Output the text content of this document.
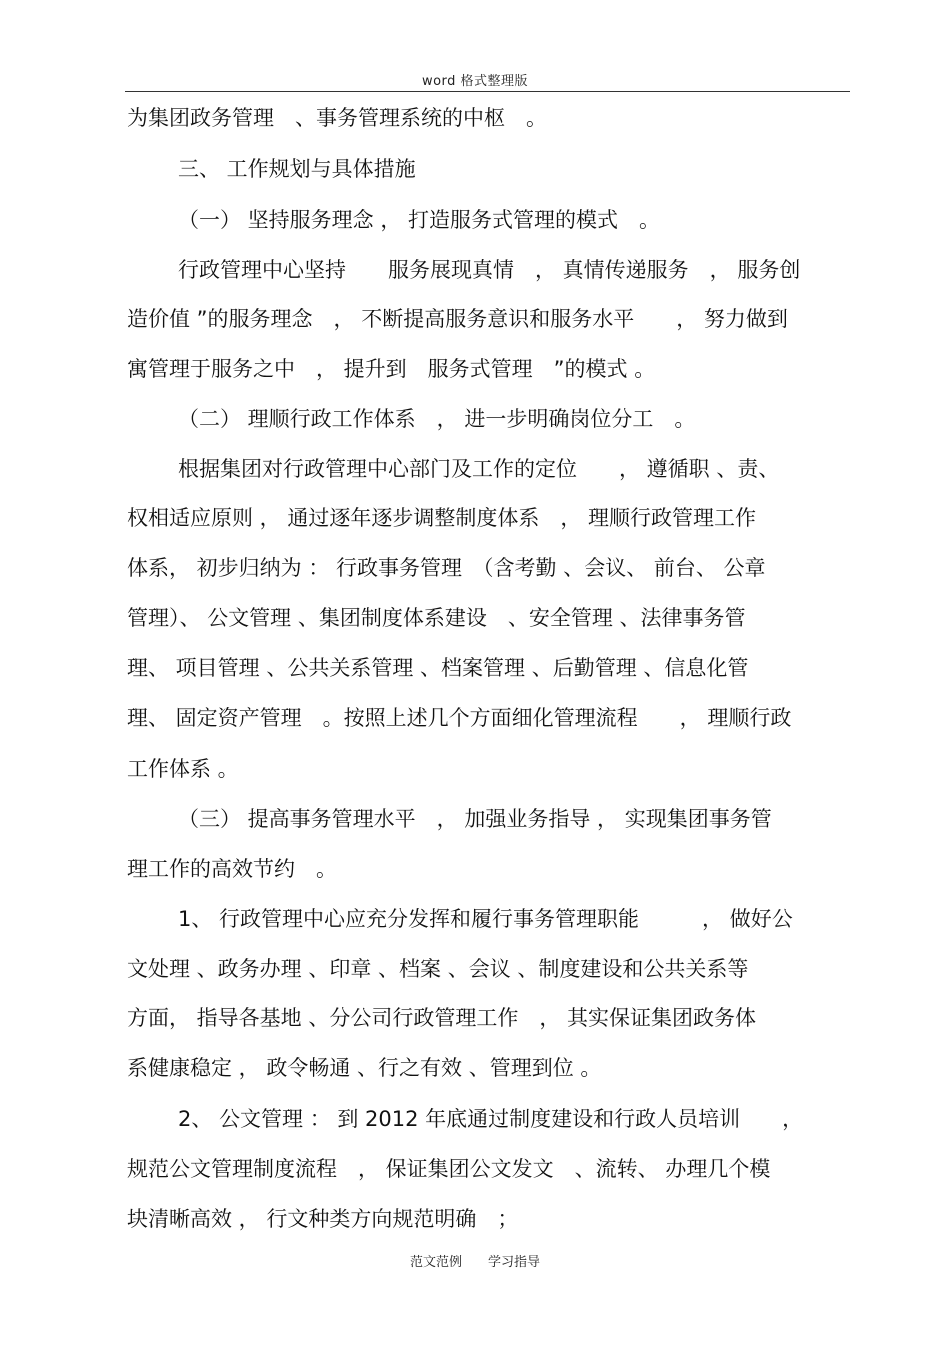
word 格式整理版
为集团政务管理　、事务管理系统的中枢　。
三、 工作规划与具体措施
（一） 坚持服务理念 ， 打造服务式管理的模式　。
行政管理中心坚持　　服务展现真情　， 真情传递服务　， 服务创
造价值 ”的服务理念　， 不断提高服务意识和服务水平　　， 努力做到
寓管理于服务之中　， 提升到　服务式管理　”的模式 。
（二） 理顺行政工作体系　， 进一步明确岗位分工　。
根据集团对行政管理中心部门及工作的定位　　， 遵循职 、责、
权相适应原则 ， 通过逐年逐步调整制度体系　， 理顺行政管理工作
体系， 初步归纳为 ： 行政事务管理　（含考勤 、会议、 前台、 公章
管理）、 公文管理 、集团制度体系建设　、安全管理 、法律事务管
理、 项目管理 、公共关系管理 、档案管理 、后勤管理 、信息化管
理、 固定资产管理　。按照上述几个方面细化管理流程　　， 理顺行政
工作体系 。
（三） 提高事务管理水平　， 加强业务指导 ， 实现集团事务管
理工作的高效节约　。
1、 行政管理中心应充分发挥和履行事务管理职能　　　， 做好公
文处理 、政务办理 、印章 、档案 、会议 、制度建设和公共关系等
方面， 指导各基地 、分公司行政管理工作　， 其实保证集团政务体
系健康稳定 ， 政令畅通 、行之有效 、管理到位 。
2、 公文管理 ： 到 2012 年底通过制度建设和行政人员培训　　，
规范公文管理制度流程　， 保证集团公文发文　、流转、 办理几个模
块清晰高效 ， 行文种类方向规范明确　；
范文范例　　学习指导
